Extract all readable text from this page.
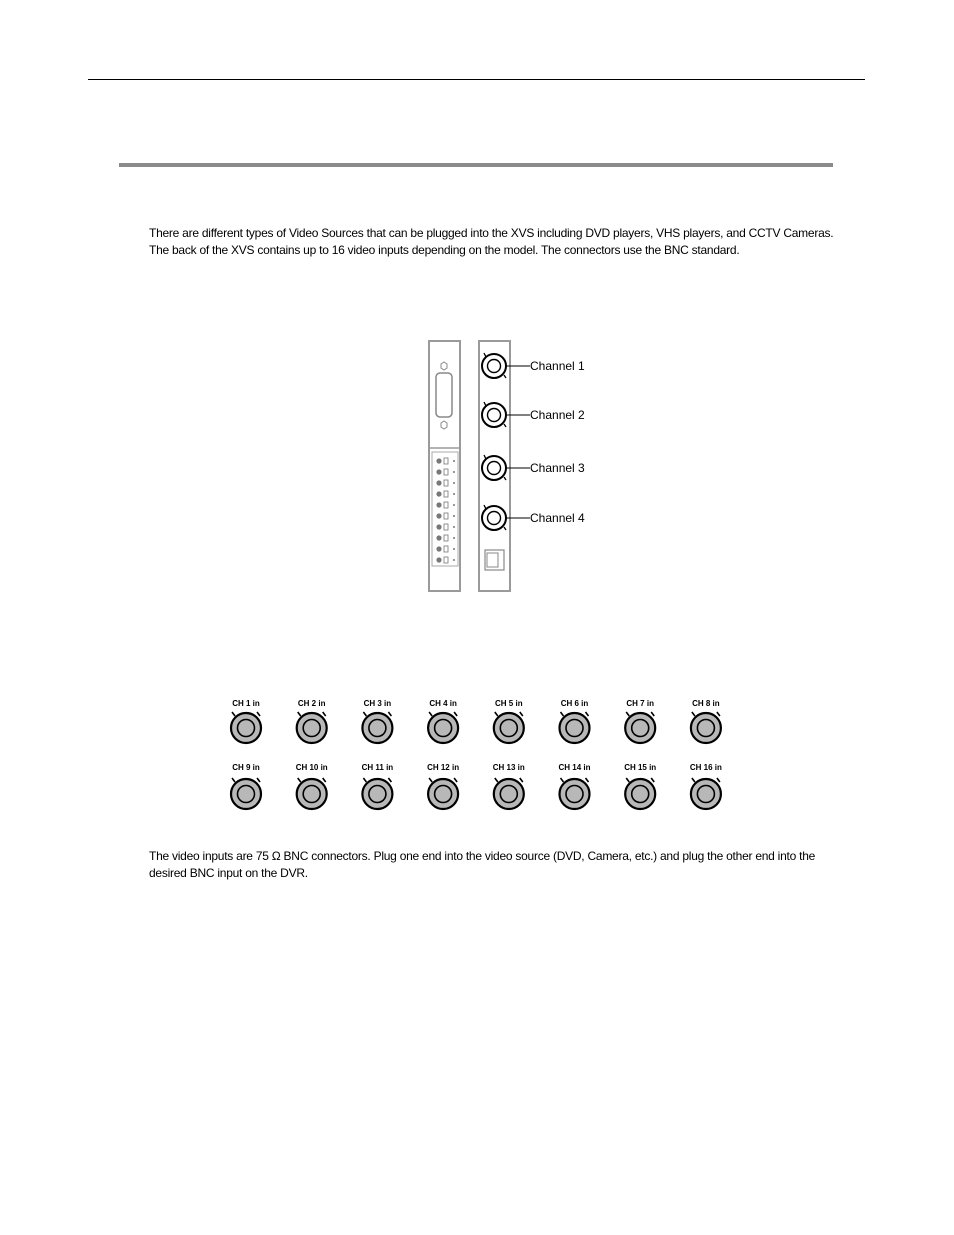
There are different types of Video Sources that can be plugged into the XVS including DVD players, VHS players, and CCTV Cameras. The back of the XVS contains up to 16 video inputs depending on the model. The connectors use the BNC standard.
Channel 1
Channel 2
Channel 3
Channel 4
CH 1 in	CH 2 in	CH 3 in	CH 4 in	CH 5 in	CH 6 in	CH 7 in	CH 8 in
CH 9 in	CH 10 in	CH 11 in	CH 12 in	CH 13 in	CH 14 in	CH 15 in	CH 16 in
The video inputs are 75 Ω BNC connectors. Plug one end into the video source (DVD, Camera, etc.) and plug the other end into the desired BNC input on the DVR.
